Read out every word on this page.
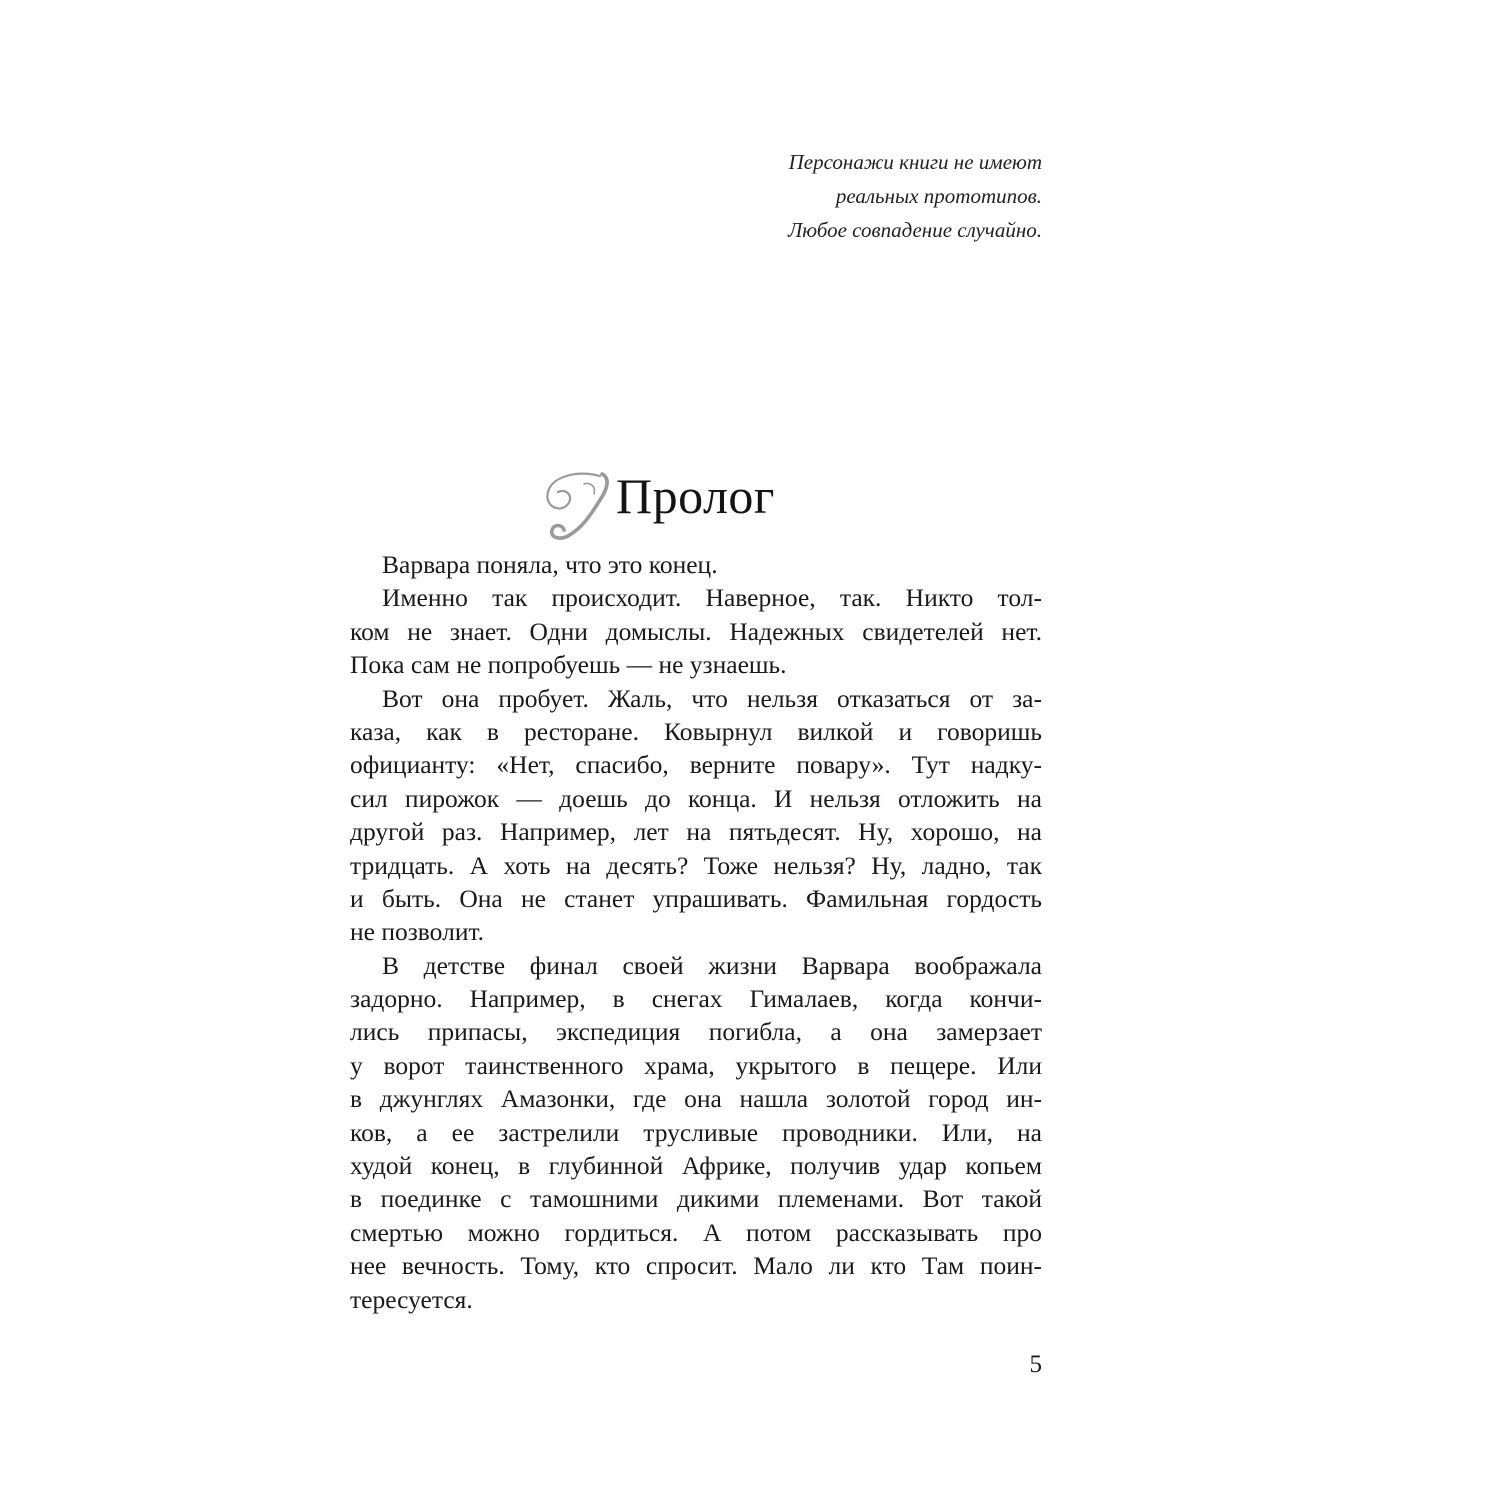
Персонажи книги не имеют
реальных прототипов.
Любое совпадение случайно.
Пролог
Варвара поняла, что это конец.
Именно так происходит. Наверное, так. Никто тол-
ком не знает. Одни домыслы. Надежных свидетелей нет.
Пока сам не попробуешь — не узнаешь.
Вот она пробует. Жаль, что нельзя отказаться от за-
каза, как в ресторане. Ковырнул вилкой и говоришь
официанту: «Нет, спасибо, верните повару». Тут надку-
сил пирожок — доешь до конца. И нельзя отложить на
другой раз. Например, лет на пятьдесят. Ну, хорошо, на
тридцать. А хоть на десять? Тоже нельзя? Ну, ладно, так
и быть. Она не станет упрашивать. Фамильная гордость
не позволит.
В детстве финал своей жизни Варвара воображала
задорно. Например, в снегах Гималаев, когда кончи-
лись припасы, экспедиция погибла, а она замерзает
у ворот таинственного храма, укрытого в пещере. Или
в джунглях Амазонки, где она нашла золотой город ин-
ков, а ее застрелили трусливые проводники. Или, на
худой конец, в глубинной Африке, получив удар копьем
в поединке с тамошними дикими племенами. Вот такой
смертью можно гордиться. А потом рассказывать про
нее вечность. Тому, кто спросит. Мало ли кто Там поин-
тересуется.
5
